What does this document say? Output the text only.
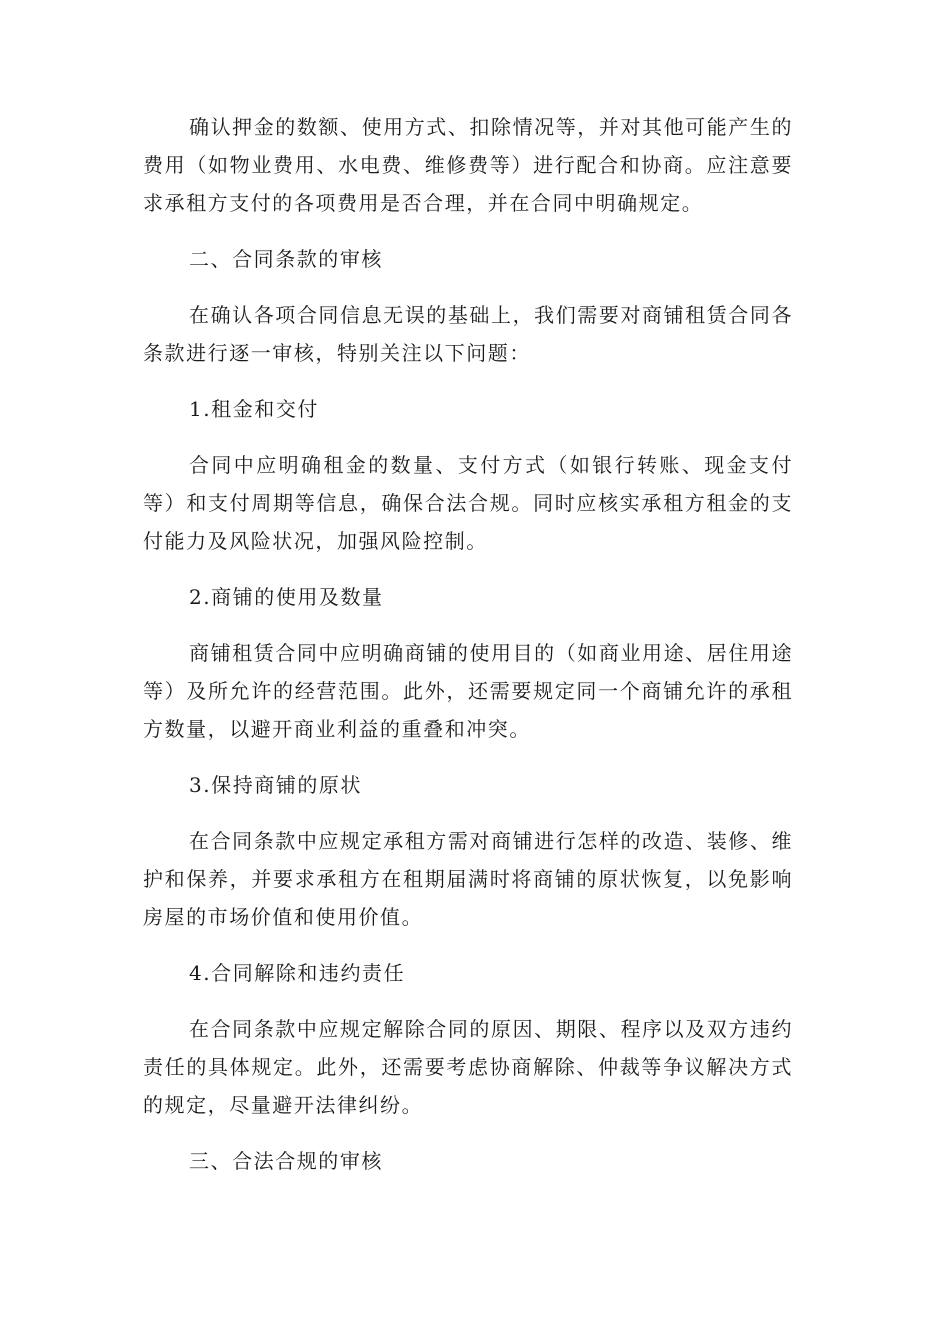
确认押金的数额、使用方式、扣除情况等，并对其他可能产生的费用（如物业费用、水电费、维修费等）进行配合和协商。应注意要求承租方支付的各项费用是否合理，并在合同中明确规定。

二、合同条款的审核

在确认各项合同信息无误的基础上，我们需要对商铺租赁合同各条款进行逐一审核，特别关注以下问题：

1.租金和交付

合同中应明确租金的数量、支付方式（如银行转账、现金支付等）和支付周期等信息，确保合法合规。同时应核实承租方租金的支付能力及风险状况，加强风险控制。

2.商铺的使用及数量

商铺租赁合同中应明确商铺的使用目的（如商业用途、居住用途等）及所允许的经营范围。此外，还需要规定同一个商铺允许的承租方数量，以避开商业利益的重叠和冲突。

3.保持商铺的原状

在合同条款中应规定承租方需对商铺进行怎样的改造、装修、维护和保养，并要求承租方在租期届满时将商铺的原状恢复，以免影响房屋的市场价值和使用价值。

4.合同解除和违约责任

在合同条款中应规定解除合同的原因、期限、程序以及双方违约责任的具体规定。此外，还需要考虑协商解除、仲裁等争议解决方式的规定，尽量避开法律纠纷。

三、合法合规的审核
